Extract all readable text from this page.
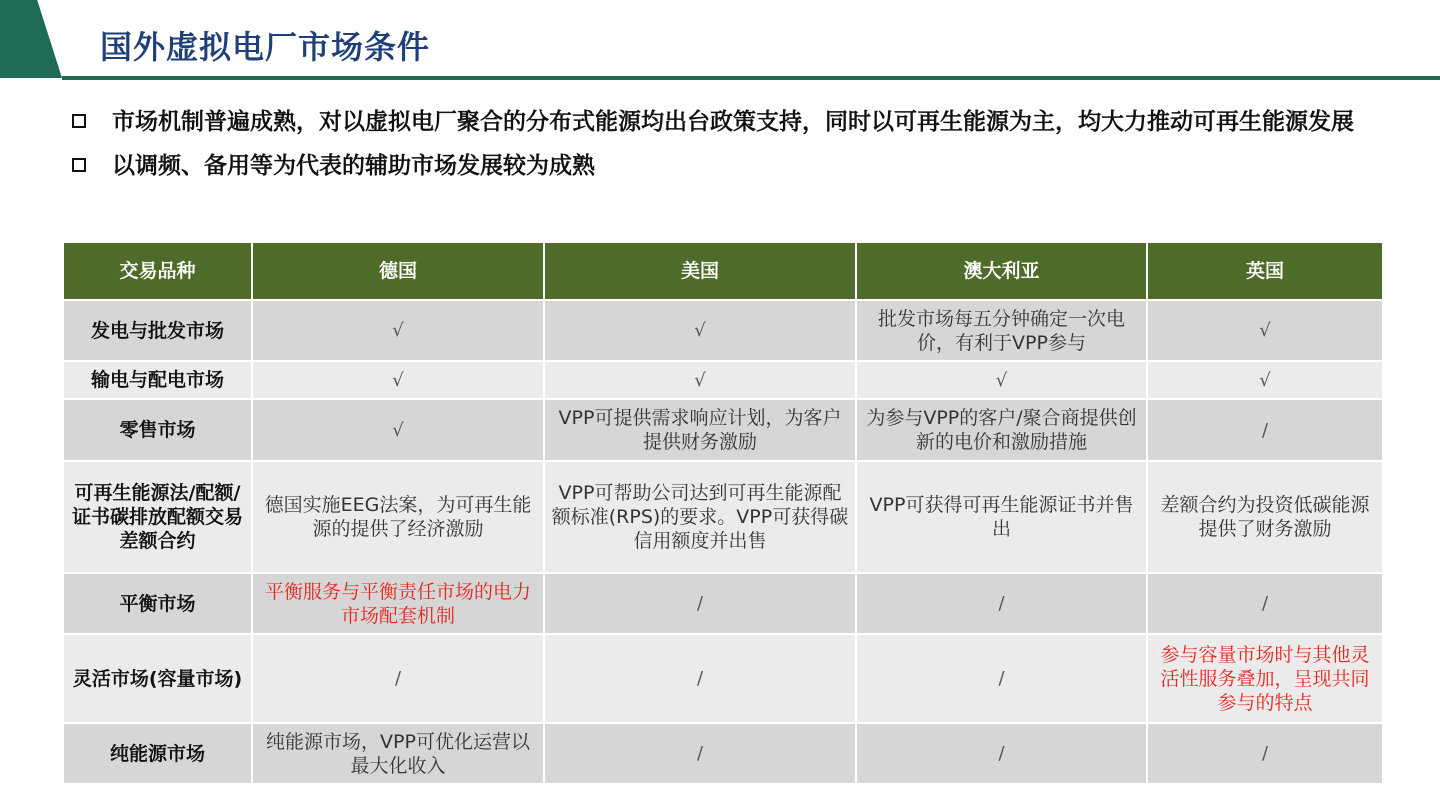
国外虚拟电厂市场条件
市场机制普遍成熟，对以虚拟电厂聚合的分布式能源均出台政策支持，同时以可再生能源为主，均大力推动可再生能源发展
以调频、备用等为代表的辅助市场发展较为成熟
交易品种	德国	美国	澳大利亚	英国
发电与批发市场	√	√	批发市场每五分钟确定一次电价，有利于VPP参与	√
输电与配电市场	√	√	√	√
零售市场	√	VPP可提供需求响应计划，为客户提供财务激励	为参与VPP的客户/聚合商提供创新的电价和激励措施	/
可再生能源法/配额/证书碳排放配额交易差额合约	德国实施EEG法案，为可再生能源的提供了经济激励	VPP可帮助公司达到可再生能源配额标准(RPS)的要求。VPP可获得碳信用额度并出售	VPP可获得可再生能源证书并售出	差额合约为投资低碳能源提供了财务激励
平衡市场	平衡服务与平衡责任市场的电力市场配套机制	/	/	/
灵活市场(容量市场)	/	/	/	参与容量市场时与其他灵活性服务叠加，呈现共同参与的特点
纯能源市场	纯能源市场，VPP可优化运营以最大化收入	/	/	/
